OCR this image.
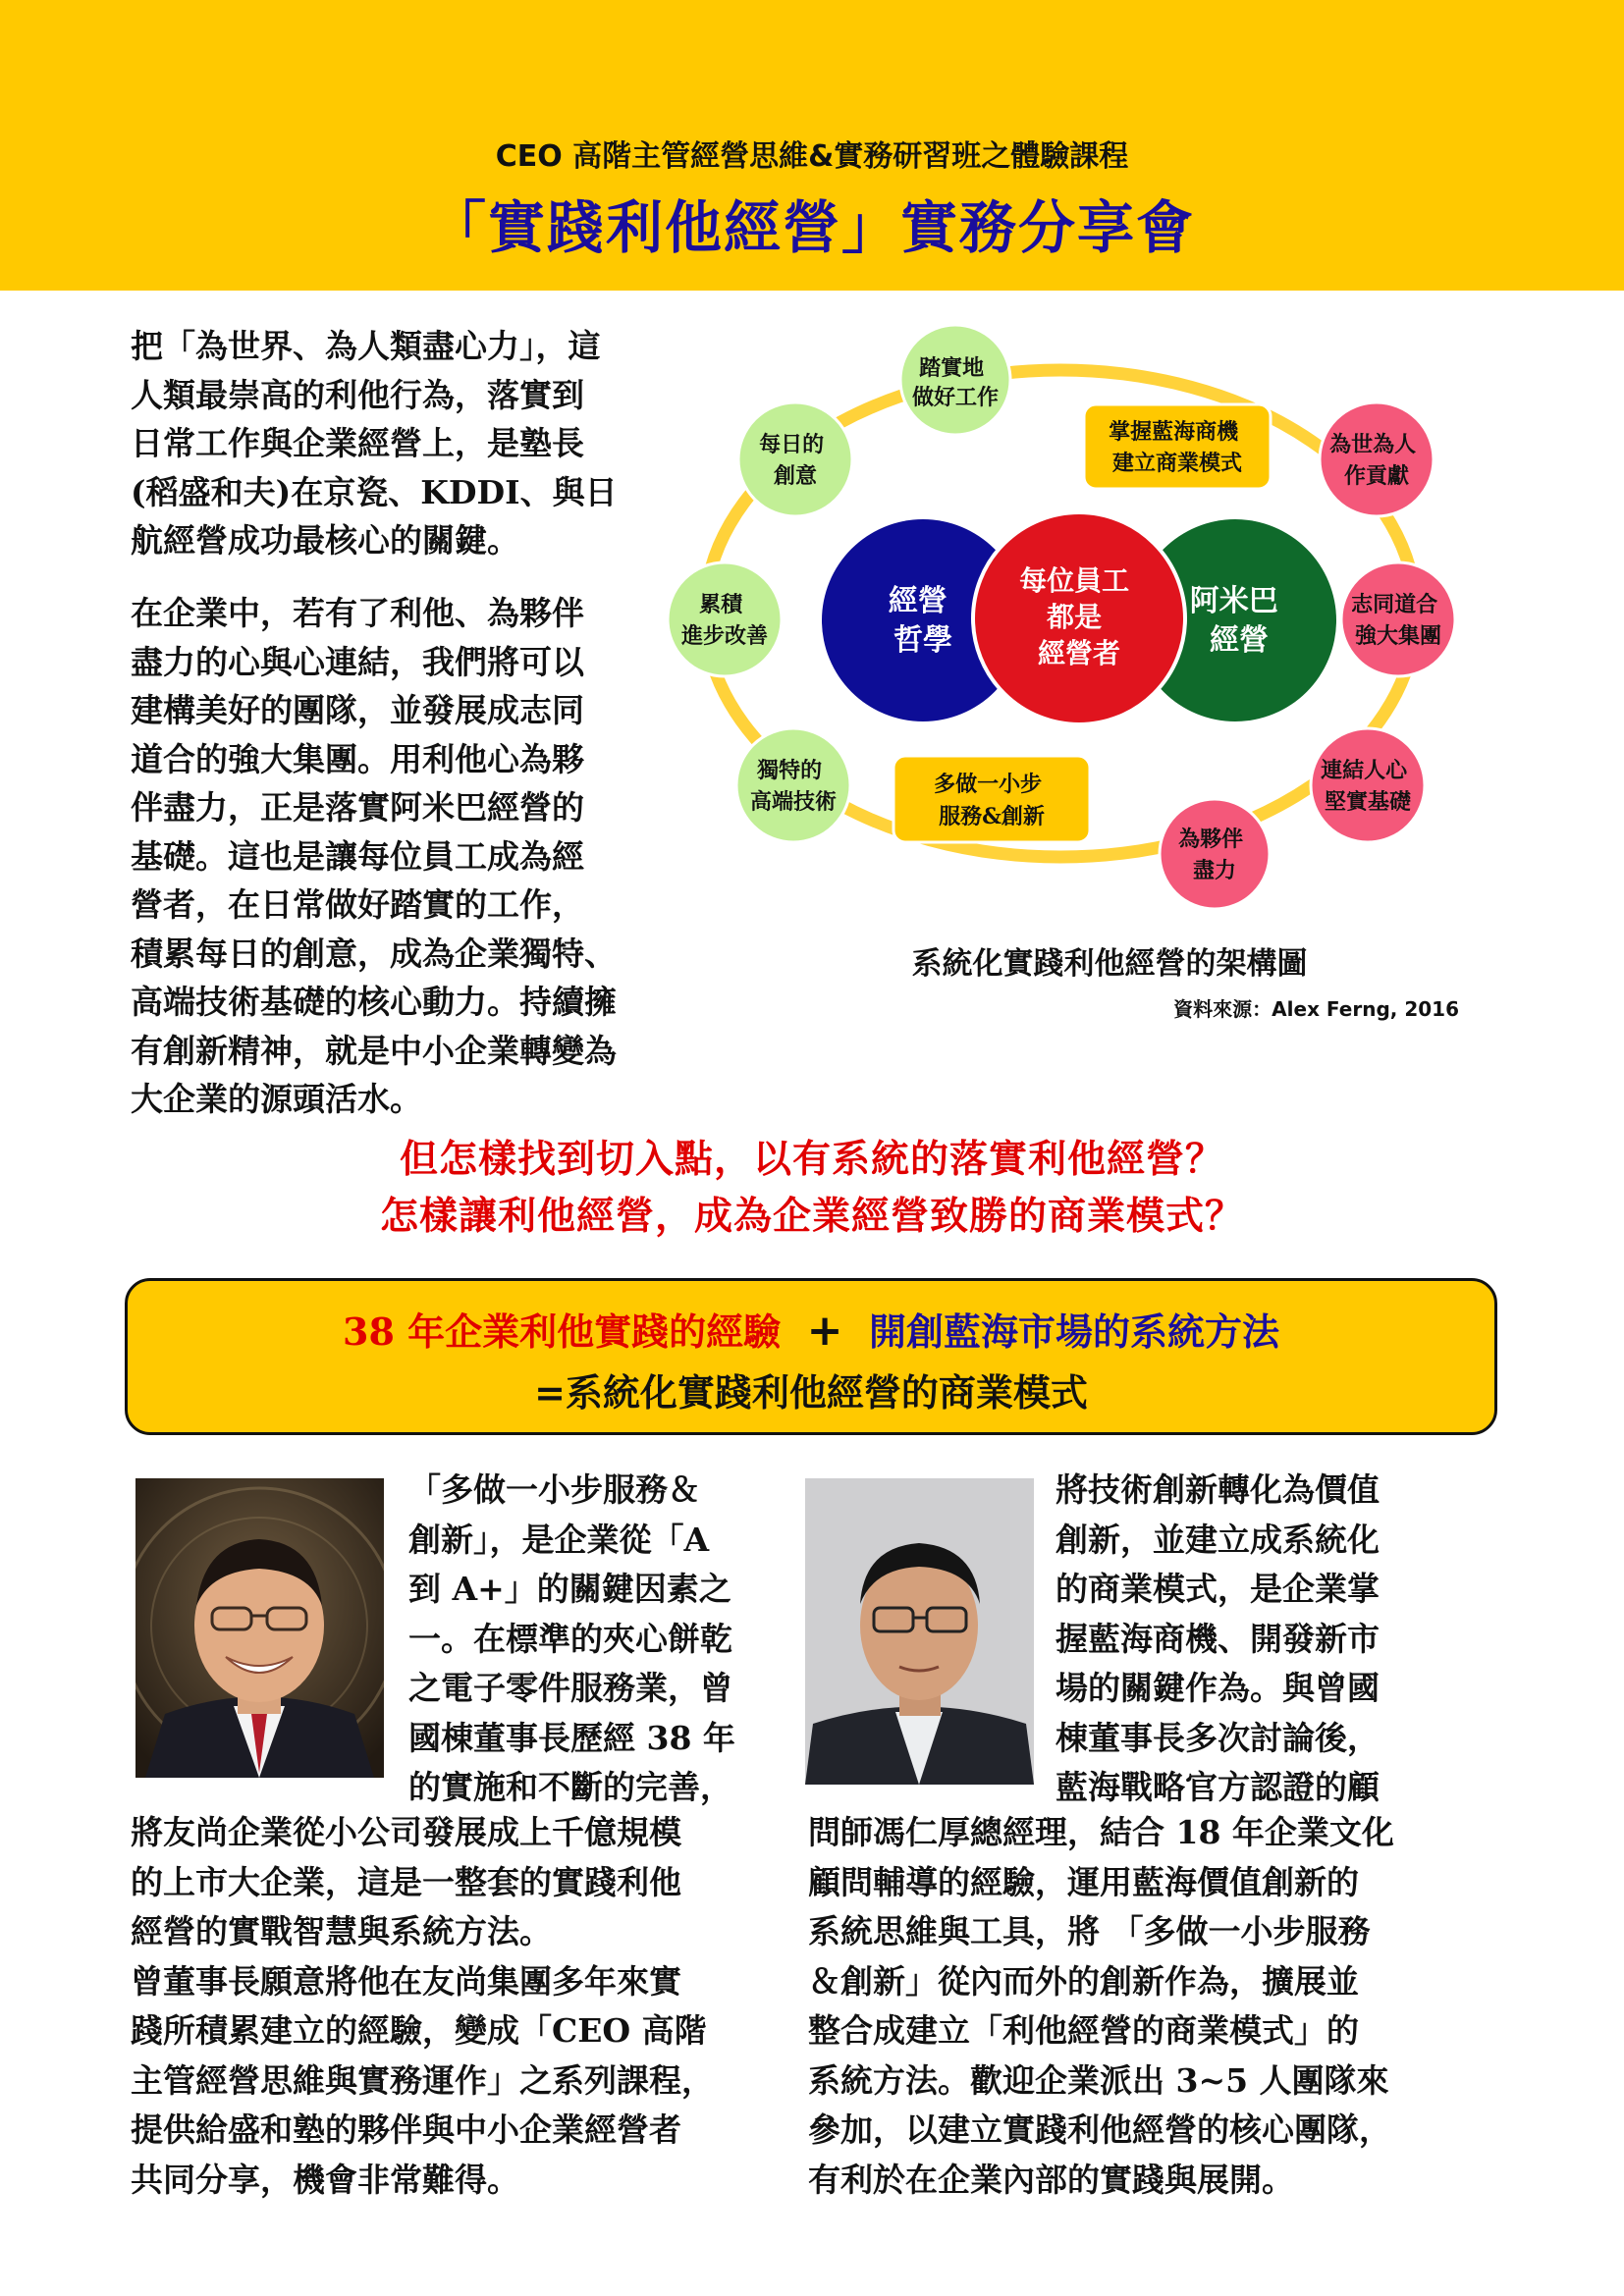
CEO 高階主管經營思維&實務研習班之體驗課程
「實踐利他經營」實務分享會
把「為世界、為人類盡心力」，這
人類最崇高的利他行為，落實到
日常工作與企業經營上，是塾長
(稻盛和夫)在京瓷、KDDI、與日
航經營成功最核心的關鍵。
在企業中，若有了利他、為夥伴
盡力的心與心連結，我們將可以
建構美好的團隊，並發展成志同
道合的強大集團。用利他心為夥
伴盡力，正是落實阿米巴經營的
基礎。這也是讓每位員工成為經
營者，在日常做好踏實的工作，
積累每日的創意，成為企業獨特、
高端技術基礎的核心動力。持續擁
有創新精神，就是中小企業轉變為
大企業的源頭活水。
踏實地 做好工作
每日的 創意
累積 進步改善
獨特的 高端技術
為世為人 作貢獻
志同道合 強大集團
連結人心 堅實基礎
為夥伴 盡力
掌握藍海商機 建立商業模式
多做一小步 服務&創新
經營 哲學
每位員工 都是 經營者
阿米巴 經營
系統化實踐利他經營的架構圖
資料來源：Alex Ferng, 2016
但怎樣找到切入點，以有系統的落實利他經營？
怎樣讓利他經營，成為企業經營致勝的商業模式？
38 年企業利他實踐的經驗 + 開創藍海市場的系統方法
=系統化實踐利他經營的商業模式
「多做一小步服務＆
創新」，是企業從「A
到 A+」的關鍵因素之
一。在標準的夾心餅乾
之電子零件服務業，曾
國棟董事長歷經 38 年
的實施和不斷的完善，
將友尚企業從小公司發展成上千億規模
的上市大企業，這是一整套的實踐利他
經營的實戰智慧與系統方法。
曾董事長願意將他在友尚集團多年來實
踐所積累建立的經驗，變成「CEO 高階
主管經營思維與實務運作」之系列課程，
提供給盛和塾的夥伴與中小企業經營者
共同分享，機會非常難得。
將技術創新轉化為價值
創新，並建立成系統化
的商業模式，是企業掌
握藍海商機、開發新市
場的關鍵作為。與曾國
棟董事長多次討論後，
藍海戰略官方認證的顧
問師馮仁厚總經理，結合 18 年企業文化
顧問輔導的經驗，運用藍海價值創新的
系統思維與工具，將 「多做一小步服務
＆創新」從內而外的創新作為，擴展並
整合成建立「利他經營的商業模式」的
系統方法。歡迎企業派出 3~5 人團隊來
參加，以建立實踐利他經營的核心團隊，
有利於在企業內部的實踐與展開。
